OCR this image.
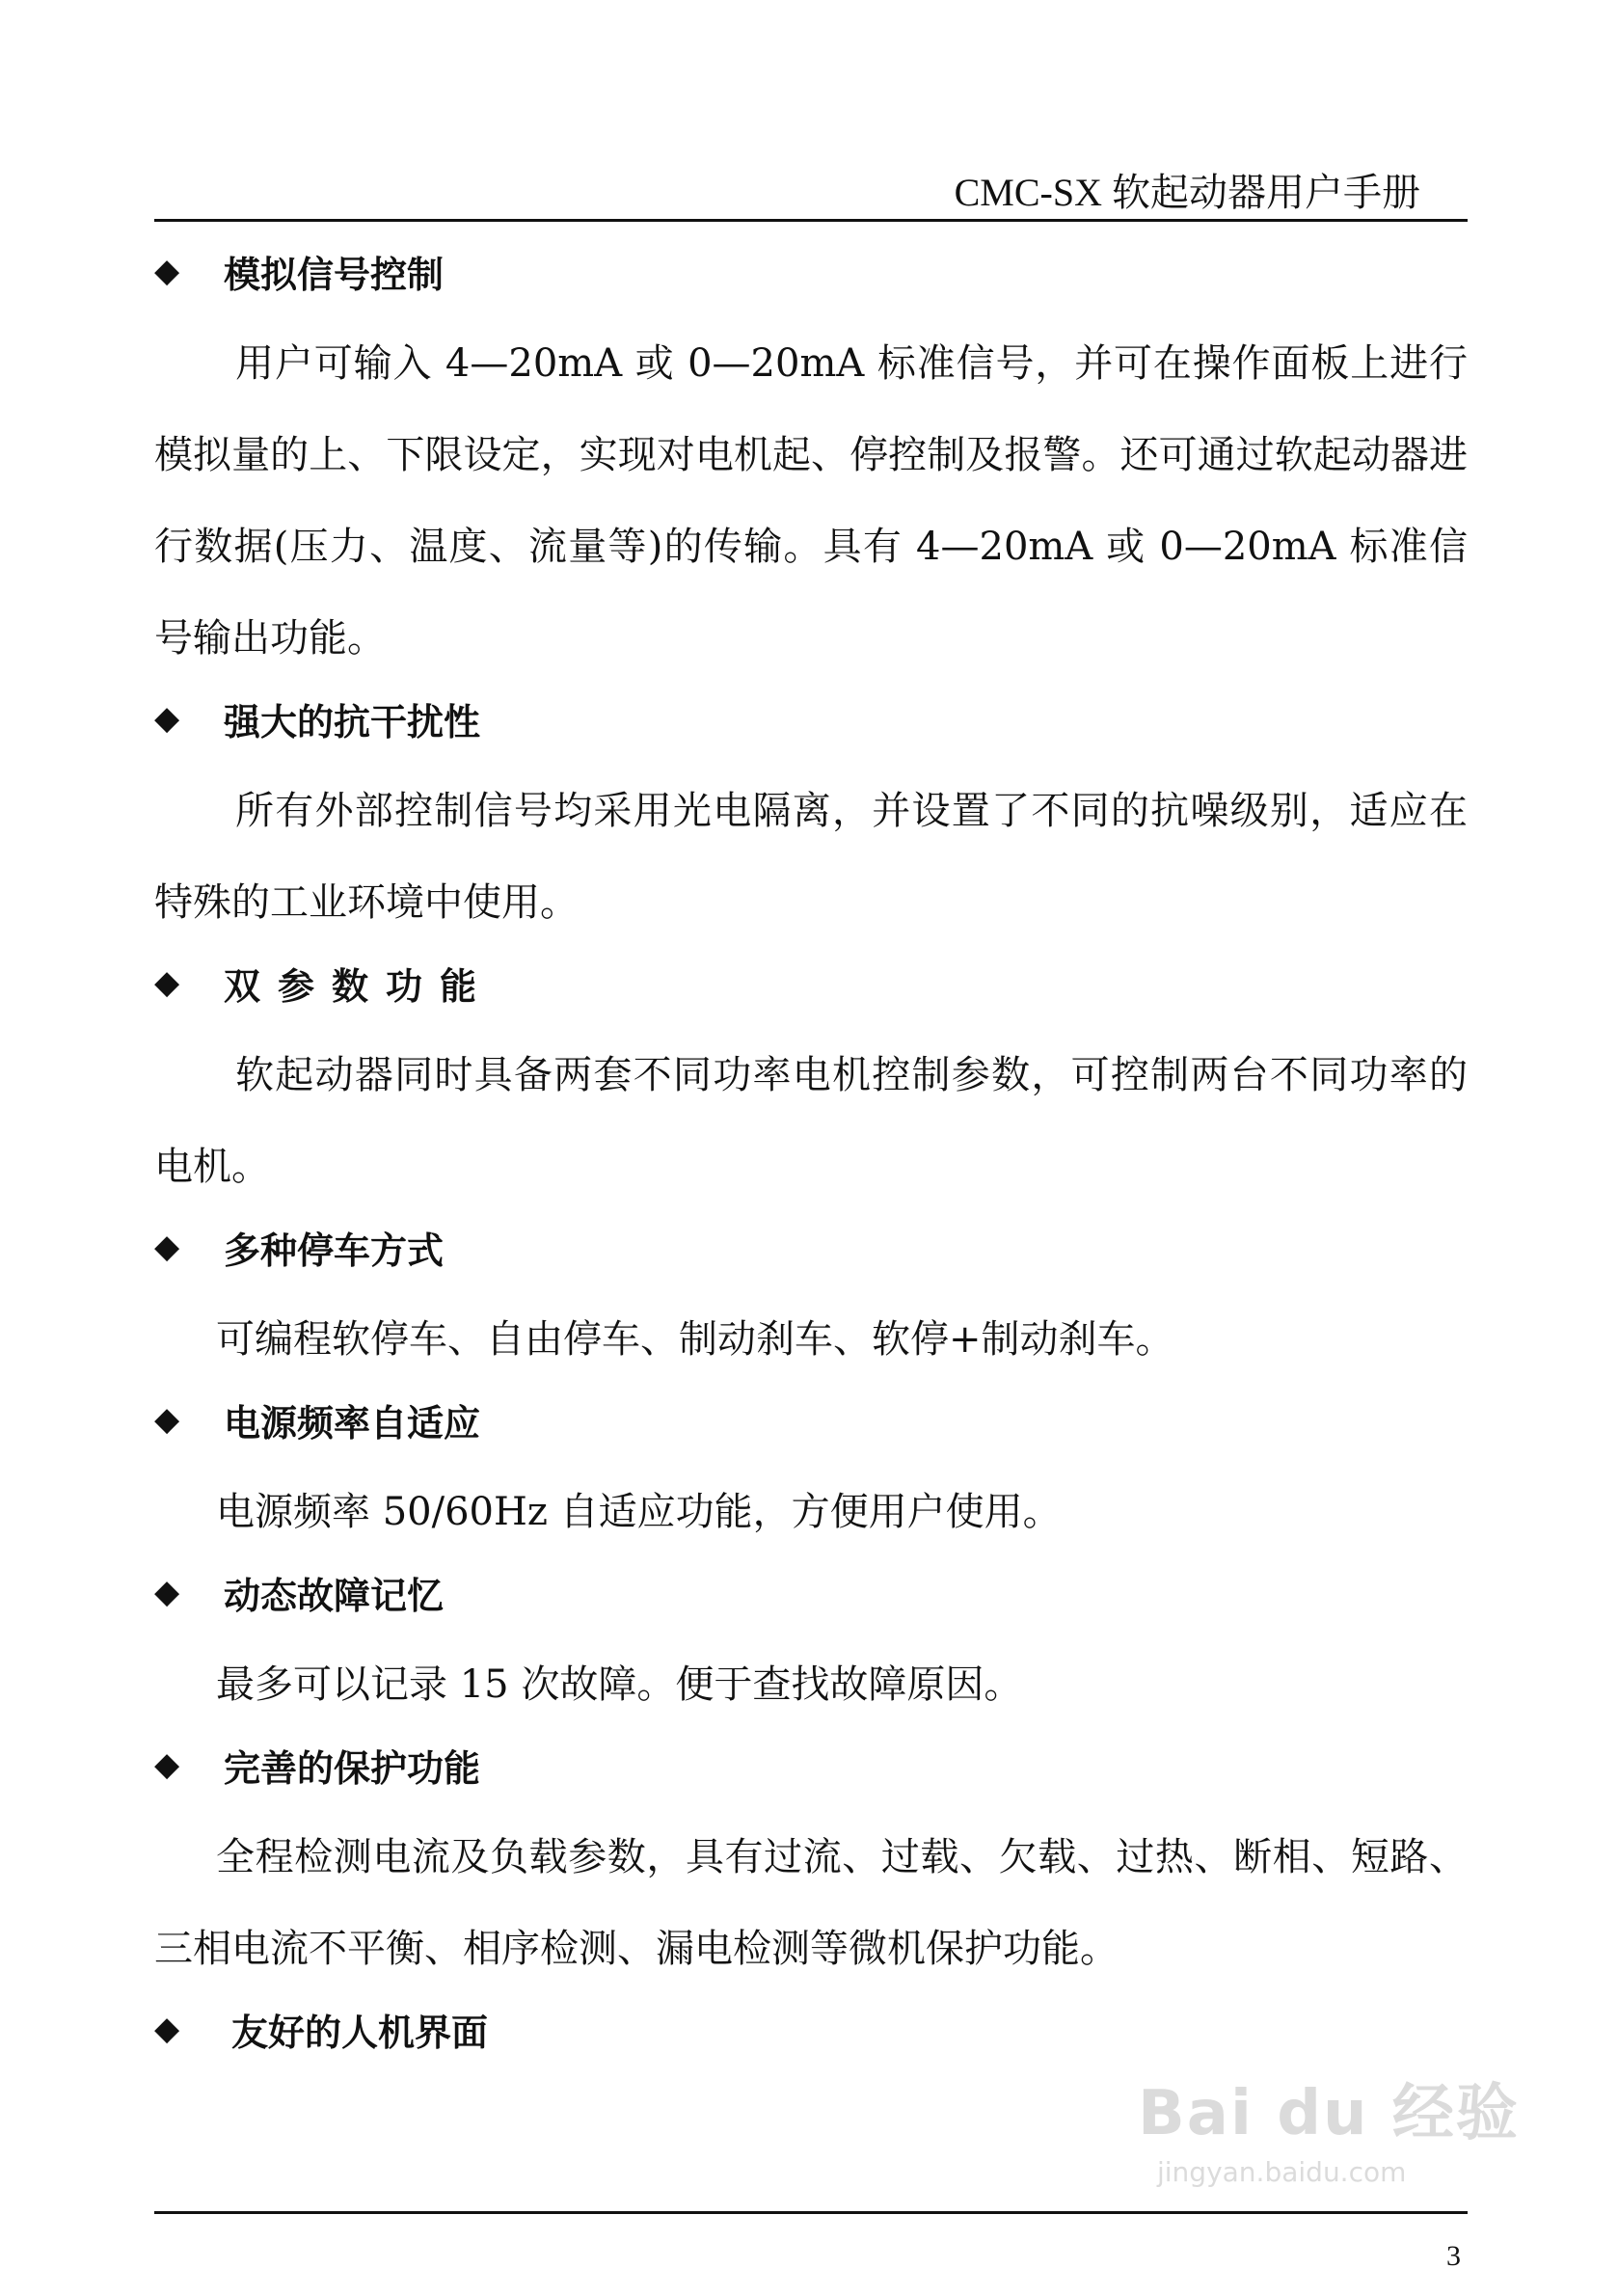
CMC-SX 软起动器用户手册
◆	模拟信号控制

用户可输入 4—20mA 或 0—20mA 标准信号，并可在操作面板上进行模拟量的上、下限设定，实现对电机起、停控制及报警。还可通过软起动器进行数据(压力、温度、流量等)的传输。具有 4—20mA 或 0—20mA 标准信号输出功能。

◆	强大的抗干扰性

所有外部控制信号均采用光电隔离，并设置了不同的抗噪级别，适应在特殊的工业环境中使用。

◆	双参数功能

软起动器同时具备两套不同功率电机控制参数，可控制两台不同功率的电机。

◆	多种停车方式

可编程软停车、自由停车、制动刹车、软停+制动刹车。

◆	电源频率自适应

电源频率 50/60Hz 自适应功能，方便用户使用。

◆	动态故障记忆

最多可以记录 15 次故障。便于查找故障原因。

◆	完善的保护功能

全程检测电流及负载参数，具有过流、过载、欠载、过热、断相、短路、三相电流不平衡、相序检测、漏电检测等微机保护功能。

◆	友好的人机界面
Bai du 经验
jingyan.baidu.com
3
